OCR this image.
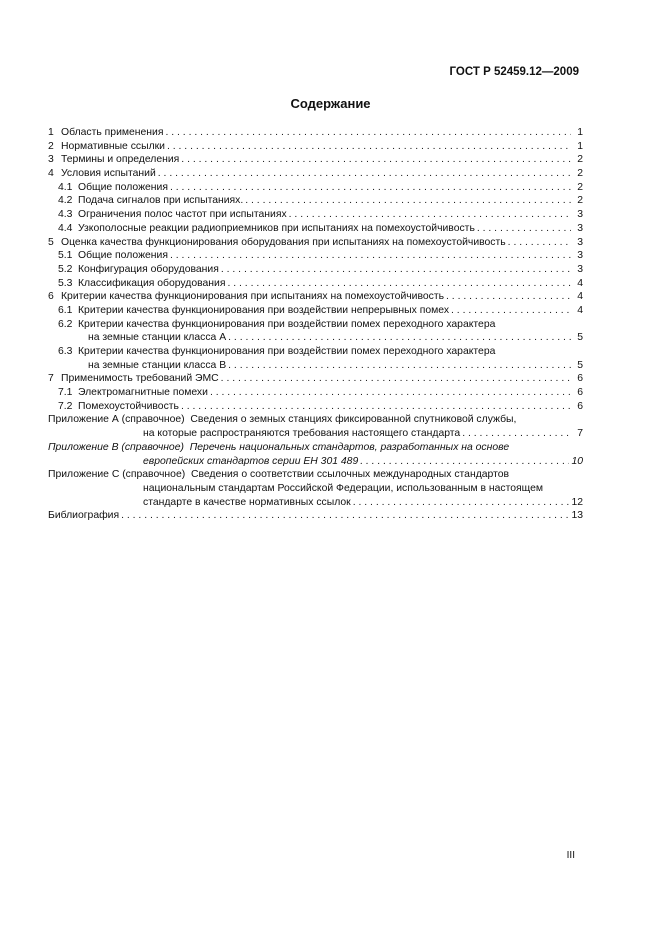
ГОСТ Р 52459.12—2009
Содержание
1 Область применения . . .	1
2 Нормативные ссылки . . .	1
3 Термины и определения . . .	2
4 Условия испытаний . . .	2
4.1 Общие положения . . .	2
4.2 Подача сигналов при испытаниях. . . .	2
4.3 Ограничения полос частот при испытаниях . . .	3
4.4 Узкополосные реакции радиоприемников при испытаниях на помехоустойчивость . . .	3
5 Оценка качества функционирования оборудования при испытаниях на помехоустойчивость . . .	3
5.1 Общие положения . . .	3
5.2 Конфигурация оборудования . . .	3
5.3 Классификация оборудования . . .	4
6 Критерии качества функционирования при испытаниях на помехоустойчивость . . .	4
6.1 Критерии качества функционирования при воздействии непрерывных помех . . .	4
6.2 Критерии качества функционирования при воздействии помех переходного характера
на земные станции класса А . . .	5
6.3 Критерии качества функционирования при воздействии помех переходного характера
на земные станции класса В . . .	5
7 Применимость требований ЭМС . . .	6
7.1 Электромагнитные помехи . . .	6
7.2 Помехоустойчивость . . .	6
Приложение А (справочное)
Сведения о земных станциях фиксированной спутниковой службы,
на которые распространяются требования настоящего стандарта . . .	7
Приложение В (справочное)
Перечень национальных стандартов, разработанных на основе
европейских стандартов серии ЕН 301 489 . . .	10
Приложение С (справочное)
Сведения о соответствии ссылочных международных стандартов
национальным стандартам Российской Федерации, использованным в настоящем
стандарте в качестве нормативных ссылок . . .	12
Библиография . . .	13
III
